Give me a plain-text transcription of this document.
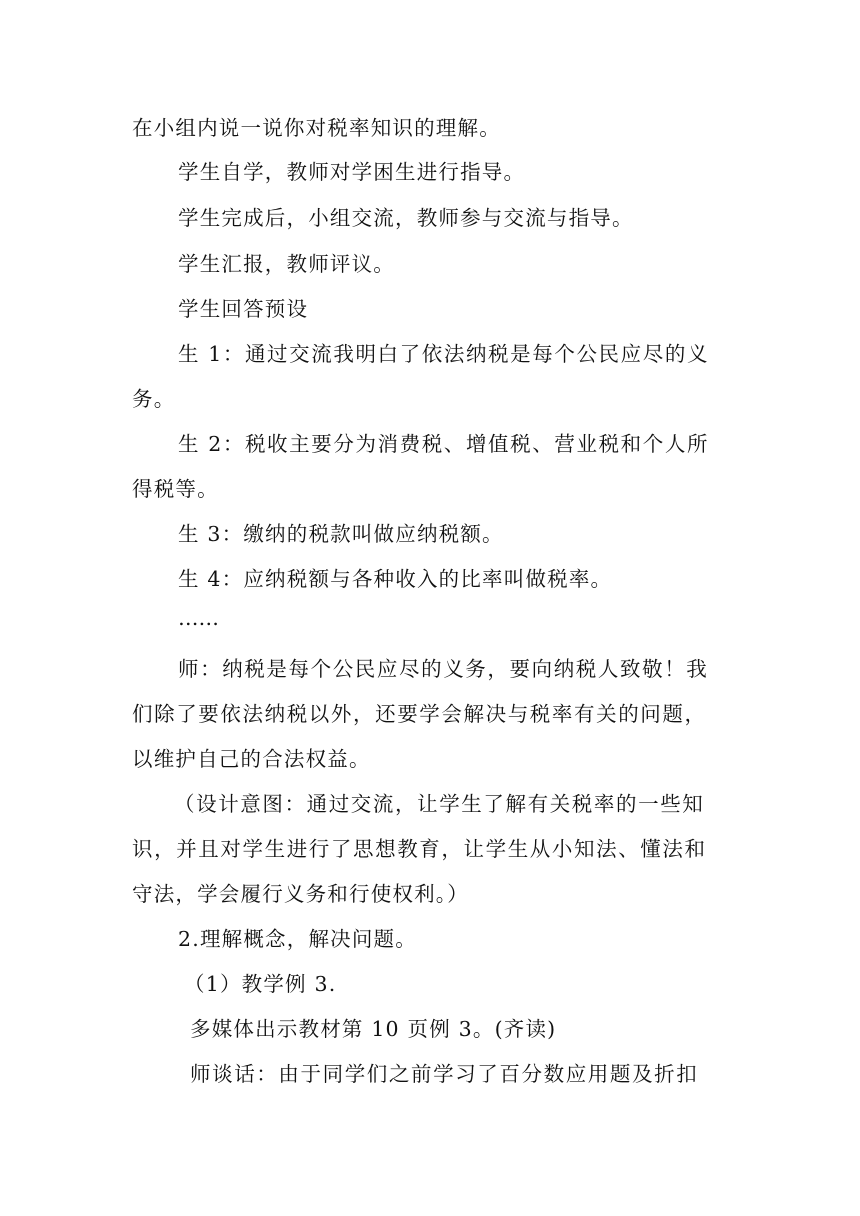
在小组内说一说你对税率知识的理解。
学生自学，教师对学困生进行指导。
学生完成后，小组交流，教师参与交流与指导。
学生汇报，教师评议。
学生回答预设
生 1：通过交流我明白了依法纳税是每个公民应尽的义
务。
生 2：税收主要分为消费税、增值税、营业税和个人所
得税等。
生 3：缴纳的税款叫做应纳税额。
生 4：应纳税额与各种收入的比率叫做税率。
……
师：纳税是每个公民应尽的义务，要向纳税人致敬！我
们除了要依法纳税以外，还要学会解决与税率有关的问题，
以维护自己的合法权益。
（设计意图：通过交流，让学生了解有关税率的一些知
识，并且对学生进行了思想教育，让学生从小知法、懂法和
守法，学会履行义务和行使权利。）
2.理解概念，解决问题。
（1）教学例 3.
多媒体出示教材第 10 页例 3。(齐读)
师谈话：由于同学们之前学习了百分数应用题及折扣
